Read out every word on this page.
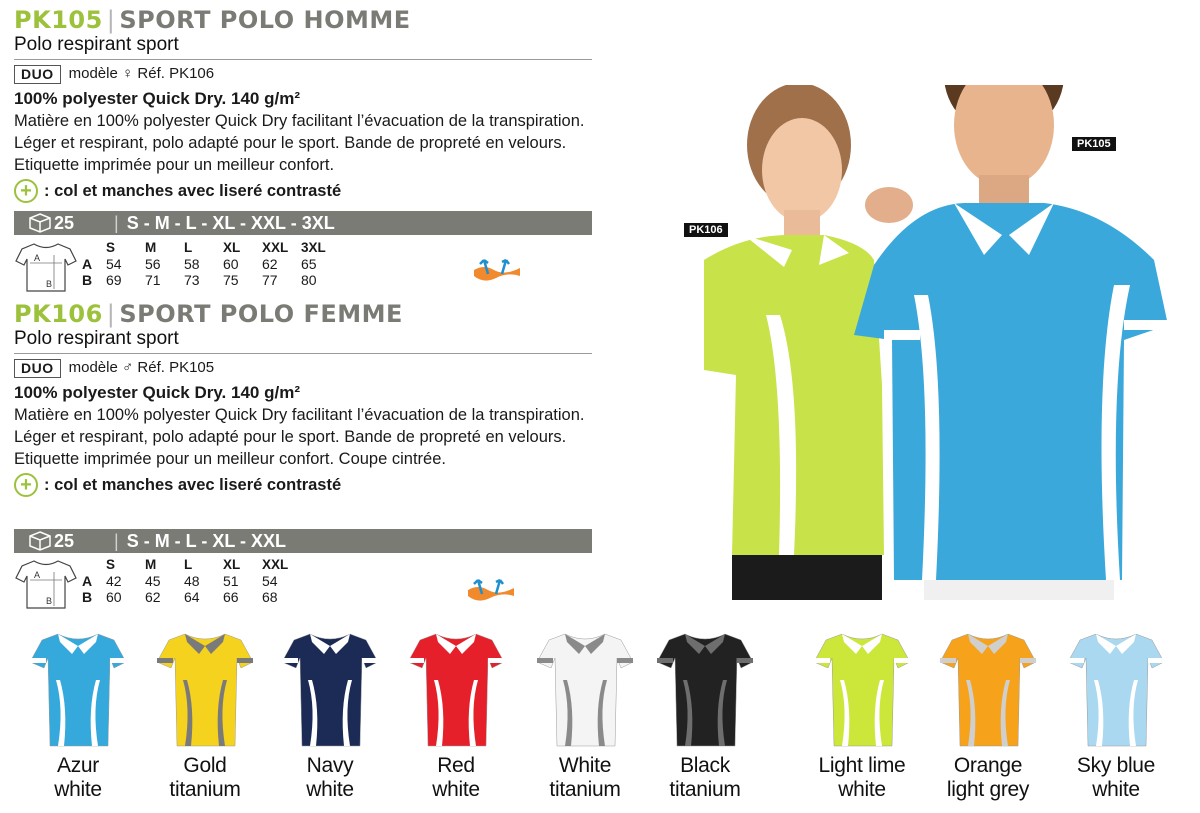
PK105 | SPORT POLO HOMME
Polo respirant sport
DUO	modèle ♀ Réf. PK106
100% polyester Quick Dry. 140 g/m²
Matière en 100% polyester Quick Dry facilitant l’évacuation de la transpiration. Léger et respirant, polo adapté pour le sport. Bande de propreté en velours. Etiquette imprimée pour un meilleur confort.
+ : col et manches avec liseré contrasté
25	| S - M - L - XL - XXL - 3XL
A
B
	S	M	L	XL	XXL	3XL
A	54	56	58	60	62	65
B	69	71	73	75	77	80
PK106 | SPORT POLO FEMME
Polo respirant sport
DUO	modèle ♂ Réf. PK105
100% polyester Quick Dry. 140 g/m²
Matière en 100% polyester Quick Dry facilitant l’évacuation de la transpiration. Léger et respirant, polo adapté pour le sport. Bande de propreté en velours. Etiquette imprimée pour un meilleur confort. Coupe cintrée.
+ : col et manches avec liseré contrasté
25	| S - M - L - XL - XXL
A
B
	S	M	L	XL	XXL
A	42	45	48	51	54
B	60	62	64	66	68
PK105
PK106
Azur
white
Gold
titanium
Navy
white
Red
white
White
titanium
Black
titanium
Light lime
white
Orange
light grey
Sky blue
white
